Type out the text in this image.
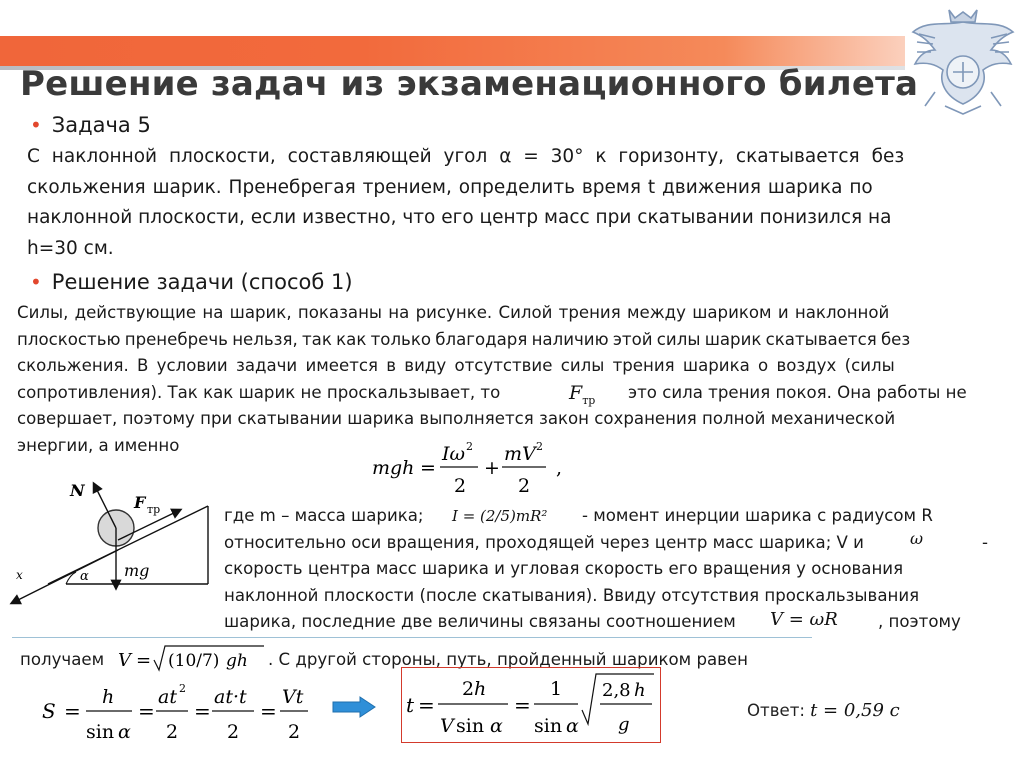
Решение задач из экзаменационного билета
• Задача 5
С наклонной плоскости, составляющей угол α = 30° к горизонту, скатывается без
скольжения шарик. Пренебрегая трением, определить время t движения шарика по
наклонной плоскости, если известно, что его центр масс при скатывании понизился на
h=30 см.
• Решение задачи (способ 1)
Силы, действующие на шарик, показаны на рисунке. Силой трения между шариком и наклонной
плоскостью пренебречь нельзя, так как только благодаря наличию этой силы шарик скатывается без
скольжения. В условии задачи имеется в виду отсутствие силы трения шарика о воздух (силы
сопротивления). Так как шарик не проскальзывает, то	$F_{тр}$ это сила трения покоя. Она работы не
совершает, поэтому при скатывании шарика выполняется закон сохранения полной механической
энергии, а именно
mgh =
Iω 2
2
+
mV 2
2
,
N
F тр
mg
x	α
где m – масса шарика; I = (2/5)mR² - момент инерции шарика с радиусом R
относительно оси вращения, проходящей через центр масс шарика; V и	ω	-
скорость центра масс шарика и угловая скорость его вращения у основания
наклонной плоскости (после скатывания). Ввиду отсутствия проскальзывания
шарика, последние две величины связаны соотношением V = ωR , поэтому
получаем V = (10/7) gh . С другой стороны, путь, пройденный шариком равен
S =
h
sin α
=
at 2
2
=
at·t
2
=
Vt
2
t =
2 h
V sin α
=
1
sin α
2,8 h
g
Ответ: t = 0,59 с
